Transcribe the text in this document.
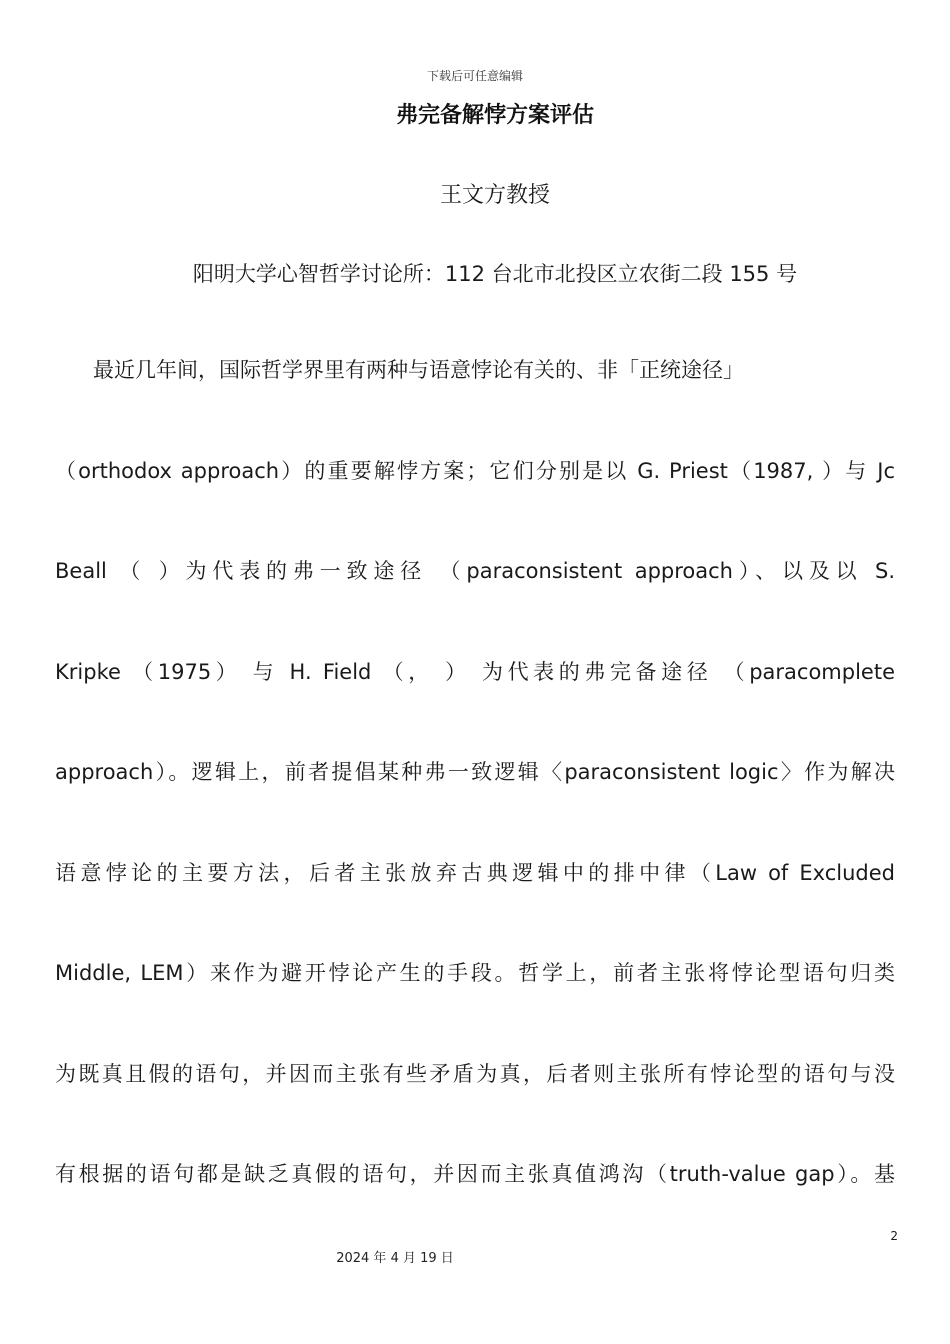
下载后可任意编辑
弗完备解悖方案评估
王文方教授
阳明大学心智哲学讨论所：112 台北市北投区立农街二段 155 号
最近几年间，国际哲学界里有两种与语意悖论有关的、非「正统途径」
（orthodox approach）的重要解悖方案；它们分别是以 G. Priest（1987, ）与 Jc
Beall （ ）为代表的弗一致途径 （paraconsistent approach）、以及以 S.
Kripke （1975） 与 H. Field （， ） 为代表的弗完备途径 （paracomplete
approach）。逻辑上，前者提倡某种弗一致逻辑〈paraconsistent logic〉作为解决
语意悖论的主要方法，后者主张放弃古典逻辑中的排中律（Law of Excluded
Middle, LEM）来作为避开悖论产生的手段。哲学上，前者主张将悖论型语句归类
为既真且假的语句，并因而主张有些矛盾为真，后者则主张所有悖论型的语句与没
有根据的语句都是缺乏真假的语句，并因而主张真值鸿沟（truth-value gap）。基
2
2024 年 4 月 19 日
